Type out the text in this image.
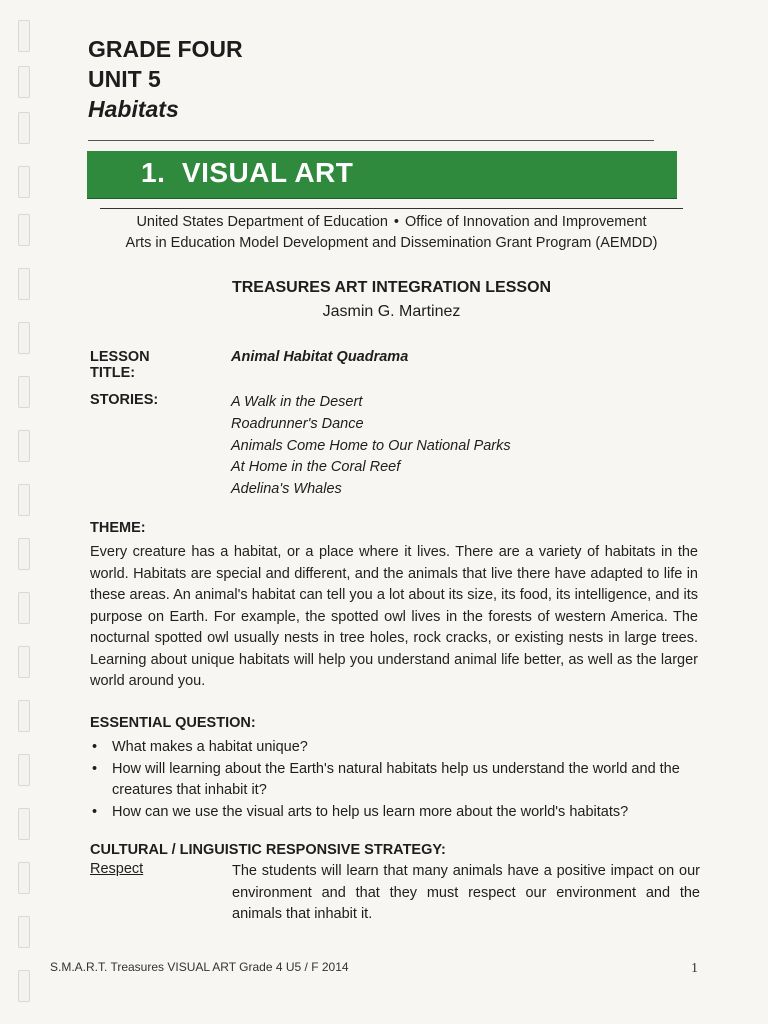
GRADE FOUR
UNIT 5
Habitats
1.  VISUAL ART
United States Department of Education • Office of Innovation and Improvement
Arts in Education Model Development and Dissemination Grant Program (AEMDD)
TREASURES ART INTEGRATION LESSON
Jasmin G. Martinez
LESSON TITLE:
Animal Habitat Quadrama
STORIES:	A Walk in the Desert
Roadrunner's Dance
Animals Come Home to Our National Parks
At Home in the Coral Reef
Adelina's Whales
THEME:
Every creature has a habitat, or a place where it lives. There are a variety of habitats in the world. Habitats are special and different, and the animals that live there have adapted to life in these areas. An animal's habitat can tell you a lot about its size, its food, its intelligence, and its purpose on Earth. For example, the spotted owl lives in the forests of western America. The nocturnal spotted owl usually nests in tree holes, rock cracks, or existing nests in large trees. Learning about unique habitats will help you understand animal life better, as well as the larger world around you.
ESSENTIAL QUESTION:
• What makes a habitat unique?
• How will learning about the Earth's natural habitats help us understand the world and the creatures that inhabit it?
• How can we use the visual arts to help us learn more about the world's habitats?
CULTURAL / LINGUISTIC RESPONSIVE STRATEGY:
Respect	The students will learn that many animals have a positive impact on our environment and that they must respect our environment and the animals that inhabit it.
S.M.A.R.T. Treasures VISUAL ART Grade 4 U5 / F 2014	1
